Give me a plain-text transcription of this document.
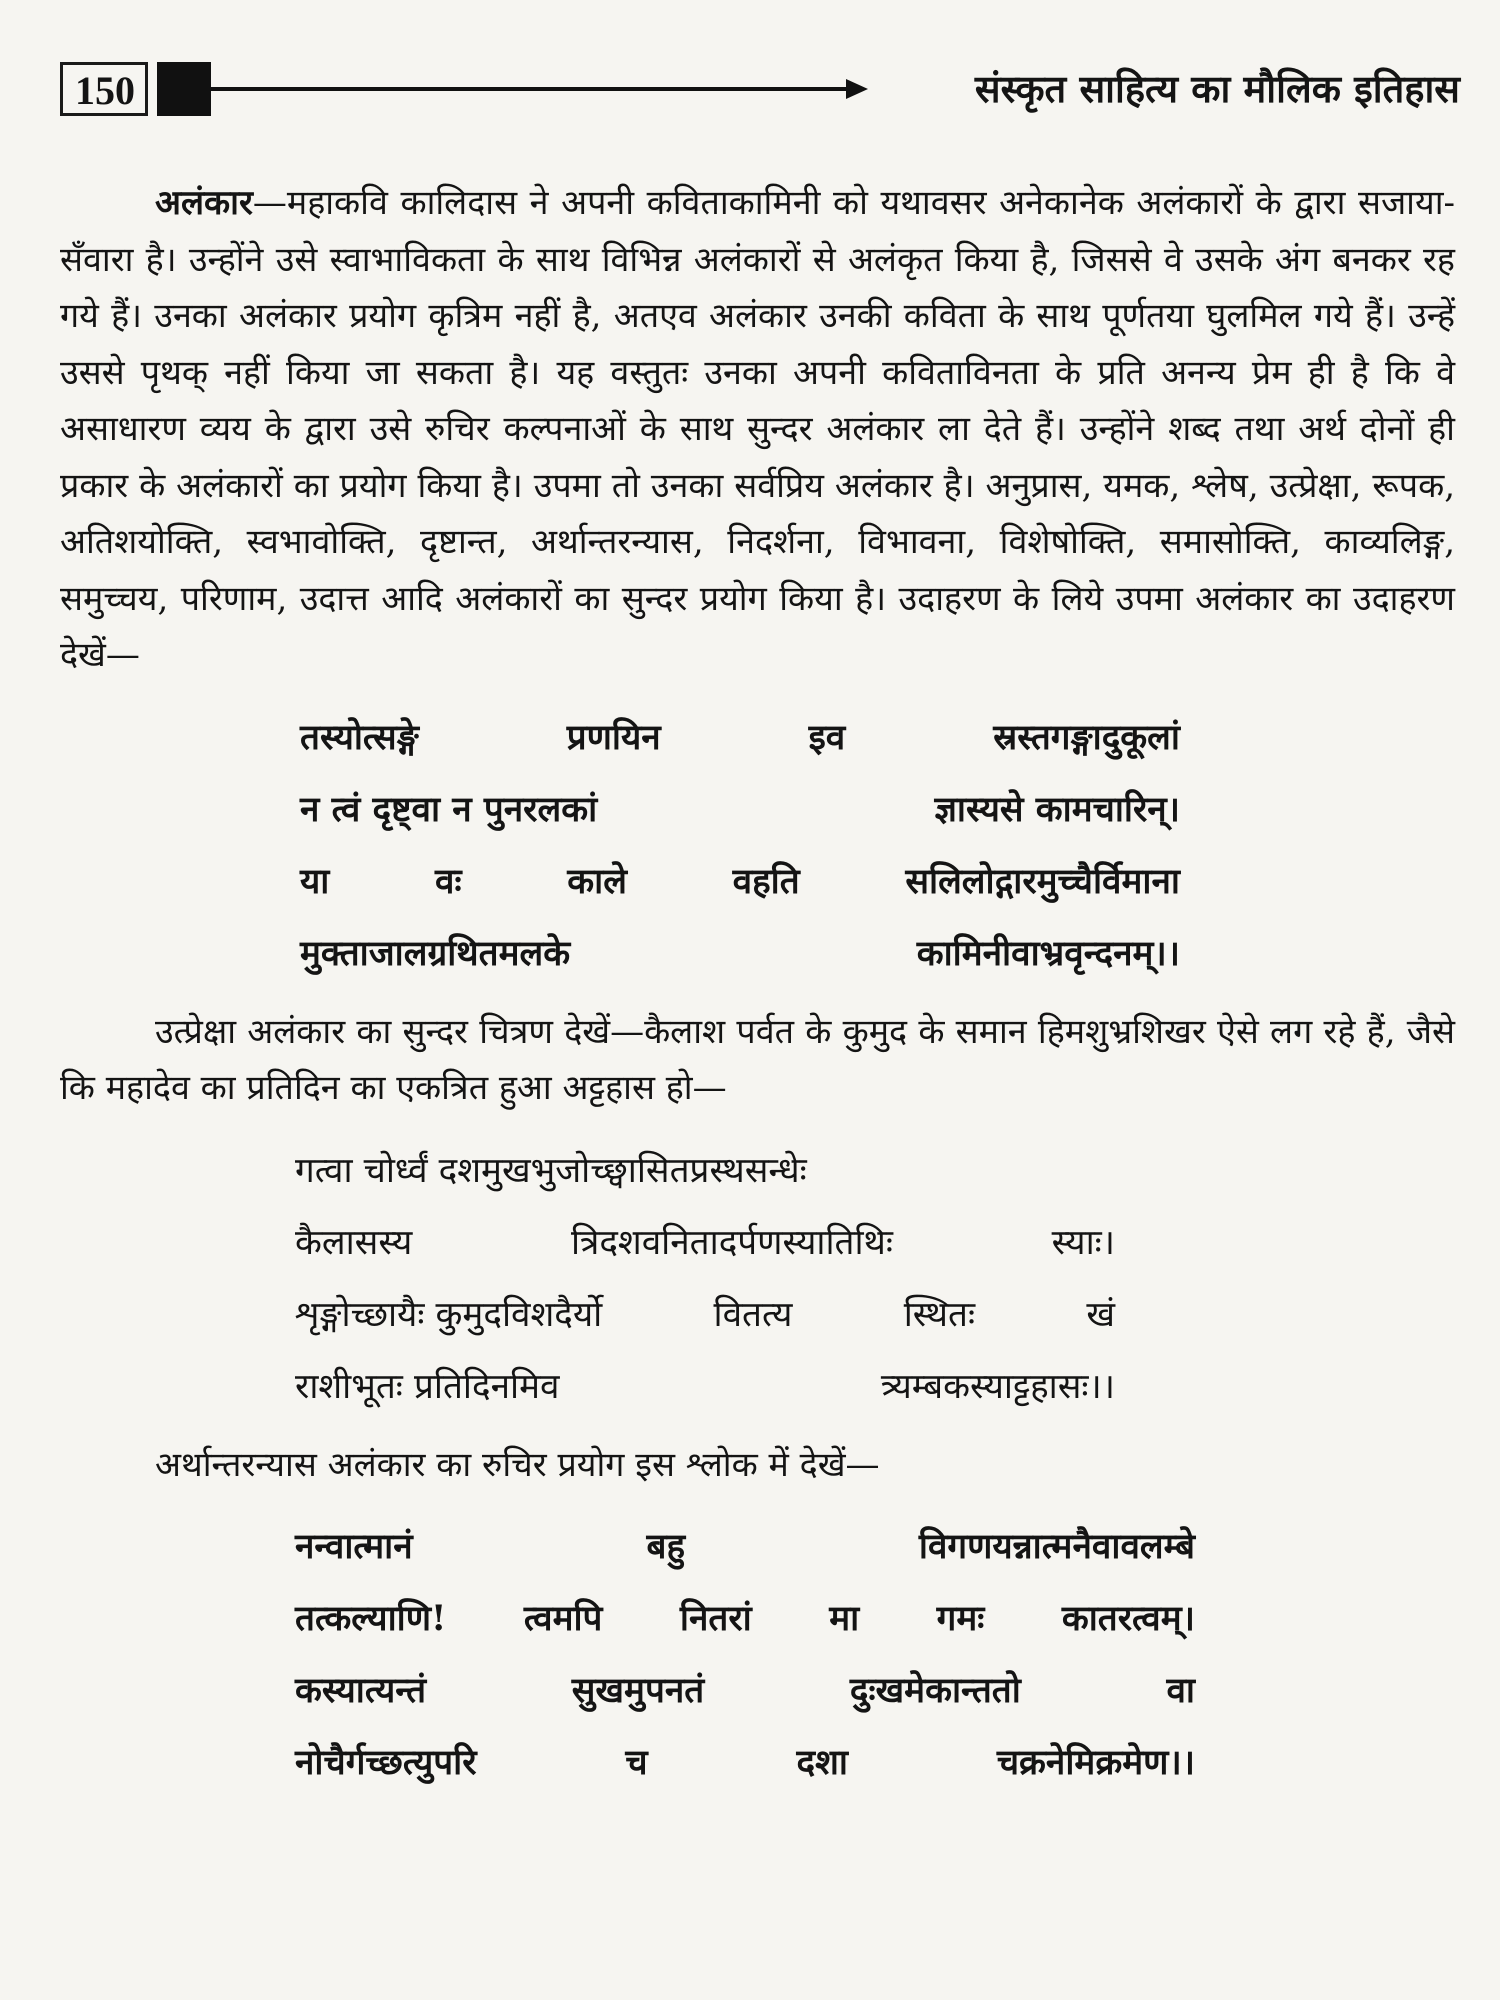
150	संस्कृत साहित्य का मौलिक इतिहास

अलंकार—महाकवि कालिदास ने अपनी कविताकामिनी को यथावसर अनेकानेक अलंकारों के द्वारा सजाया-सँवारा है। उन्होंने उसे स्वाभाविकता के साथ विभिन्न अलंकारों से अलंकृत किया है, जिससे वे उसके अंग बनकर रह गये हैं। उनका अलंकार प्रयोग कृत्रिम नहीं है, अतएव अलंकार उनकी कविता के साथ पूर्णतया घुलमिल गये हैं। उन्हें उससे पृथक् नहीं किया जा सकता है। यह वस्तुतः उनका अपनी कविताविनता के प्रति अनन्य प्रेम ही है कि वे असाधारण व्यय के द्वारा उसे रुचिर कल्पनाओं के साथ सुन्दर अलंकार ला देते हैं। उन्होंने शब्द तथा अर्थ दोनों ही प्रकार के अलंकारों का प्रयोग किया है। उपमा तो उनका सर्वप्रिय अलंकार है। अनुप्रास, यमक, श्लेष, उत्प्रेक्षा, रूपक, अतिशयोक्ति, स्वभावोक्ति, दृष्टान्त, अर्थान्तरन्यास, निदर्शना, विभावना, विशेषोक्ति, समासोक्ति, काव्यलिङ्ग, समुच्चय, परिणाम, उदात्त आदि अलंकारों का सुन्दर प्रयोग किया है। उदाहरण के लिये उपमा अलंकार का उदाहरण देखें—

तस्योत्सङ्गे	प्रणयिन	इव	स्रस्तगङ्गादुकूलां
न त्वं दृष्ट्वा न पुनरलकां	ज्ञास्यसे कामचारिन्।
या	वः	काले	वहति	सलिलोद्गारमुच्चैर्विमाना
मुक्ताजालग्रथितमलके	कामिनीवाभ्रवृन्दनम्।।

उत्प्रेक्षा अलंकार का सुन्दर चित्रण देखें—कैलाश पर्वत के कुमुद के समान हिमशुभ्रशिखर ऐसे लग रहे हैं, जैसे कि महादेव का प्रतिदिन का एकत्रित हुआ अट्टहास हो—

गत्वा चोर्ध्वं दशमुखभुजोच्छ्वासितप्रस्थसन्धेः
कैलासस्य	त्रिदशवनितादर्पणस्यातिथिः	स्याः।
शृङ्गोच्छायैः कुमुदविशदैर्यो	वितत्य	स्थितः	खं
राशीभूतः प्रतिदिनमिव	त्र्यम्बकस्याट्टहासः।।

अर्थान्तरन्यास अलंकार का रुचिर प्रयोग इस श्लोक में देखें—

नन्वात्मानं	बहु	विगणयन्नात्मनैवावलम्बे
तत्कल्याणि! त्वमपि नितरां मा गमः कातरत्वम्।
कस्यात्यन्तं	सुखमुपनतं	दुःखमेकान्ततो	वा
नोचैर्गच्छत्युपरि	च	दशा	चक्रनेमिक्रमेण।।
